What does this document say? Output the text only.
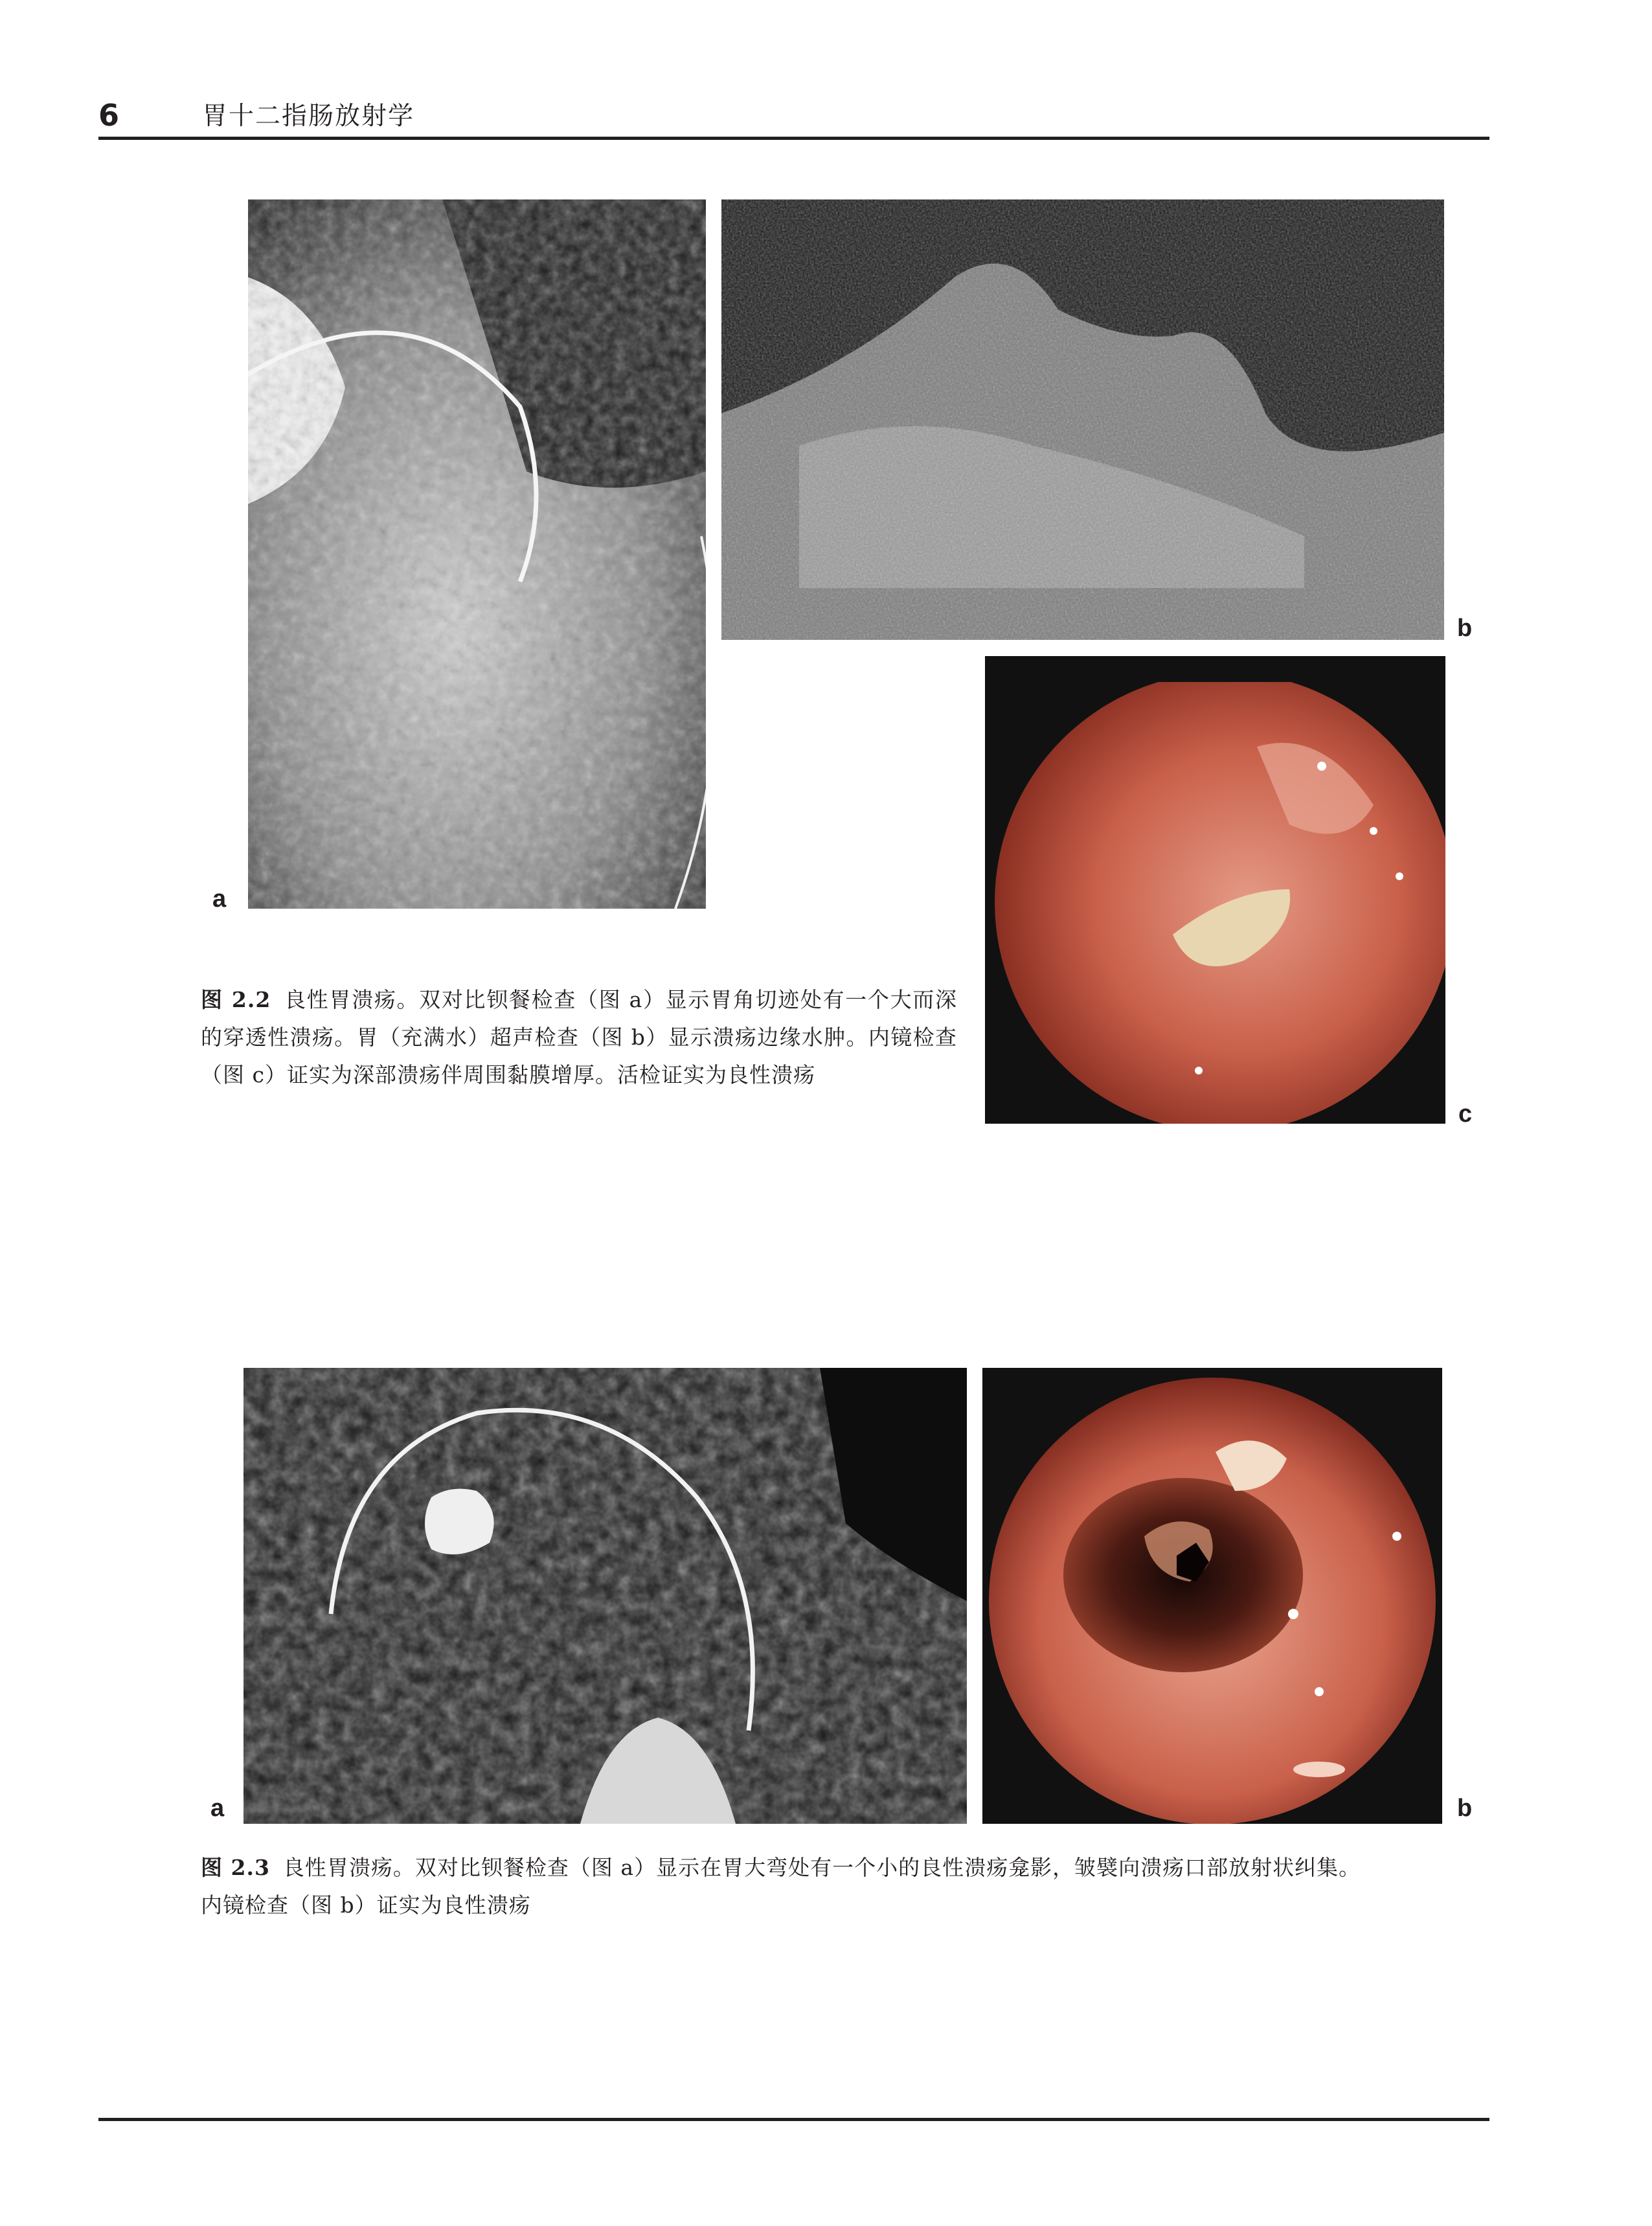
6	胃十二指肠放射学
a
b
c
图 2.2 良性胃溃疡。双对比钡餐检查（图 a）显示胃角切迹处有一个大而深的穿透性溃疡。胃（充满水）超声检查（图 b）显示溃疡边缘水肿。内镜检查（图 c）证实为深部溃疡伴周围黏膜增厚。活检证实为良性溃疡
a	b
图 2.3 良性胃溃疡。双对比钡餐检查（图 a）显示在胃大弯处有一个小的良性溃疡龛影，皱襞向溃疡口部放射状纠集。
内镜检查（图 b）证实为良性溃疡
